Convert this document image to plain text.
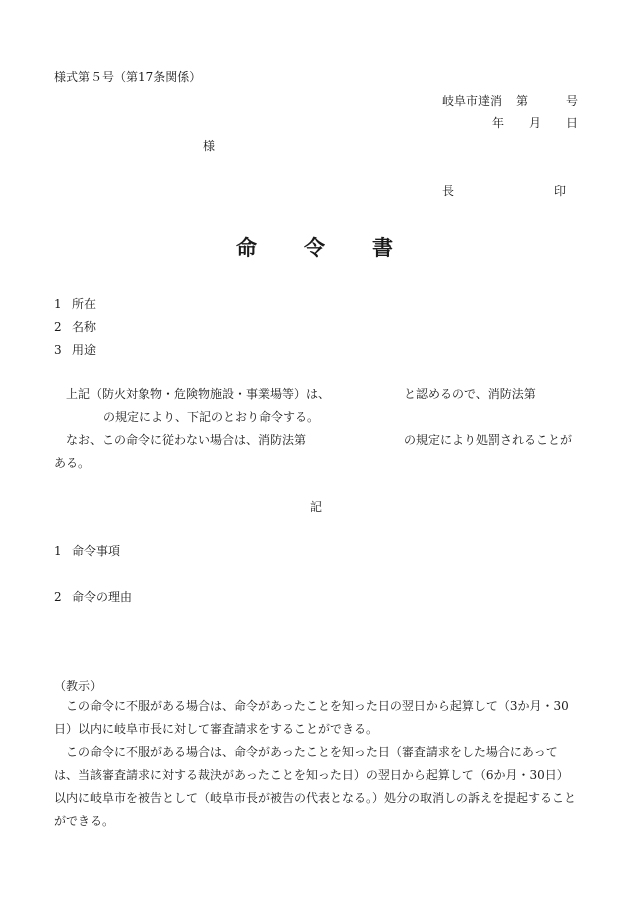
様式第５号（第17条関係）
岐阜市達消 第	号
年 月 日
様
長	印
命 令 書
1 所在
2 名称
3 用途
上記（防火対象物・危険物施設・事業場等）は、	と認めるので、消防法第
の規定により、下記のとおり命令する。
なお、この命令に従わない場合は、消防法第	の規定により処罰されることが
ある。
記
1 命令事項
2 命令の理由
（教示）
この命令に不服がある場合は、命令があったことを知った日の翌日から起算して（3か月・30日）以内に岐阜市長に対して審査請求をすることができる。
この命令に不服がある場合は、命令があったことを知った日（審査請求をした場合にあっては、当該審査請求に対する裁決があったことを知った日）の翌日から起算して（6か月・30日）以内に岐阜市を被告として（岐阜市長が被告の代表となる。）処分の取消しの訴えを提起することができる。
